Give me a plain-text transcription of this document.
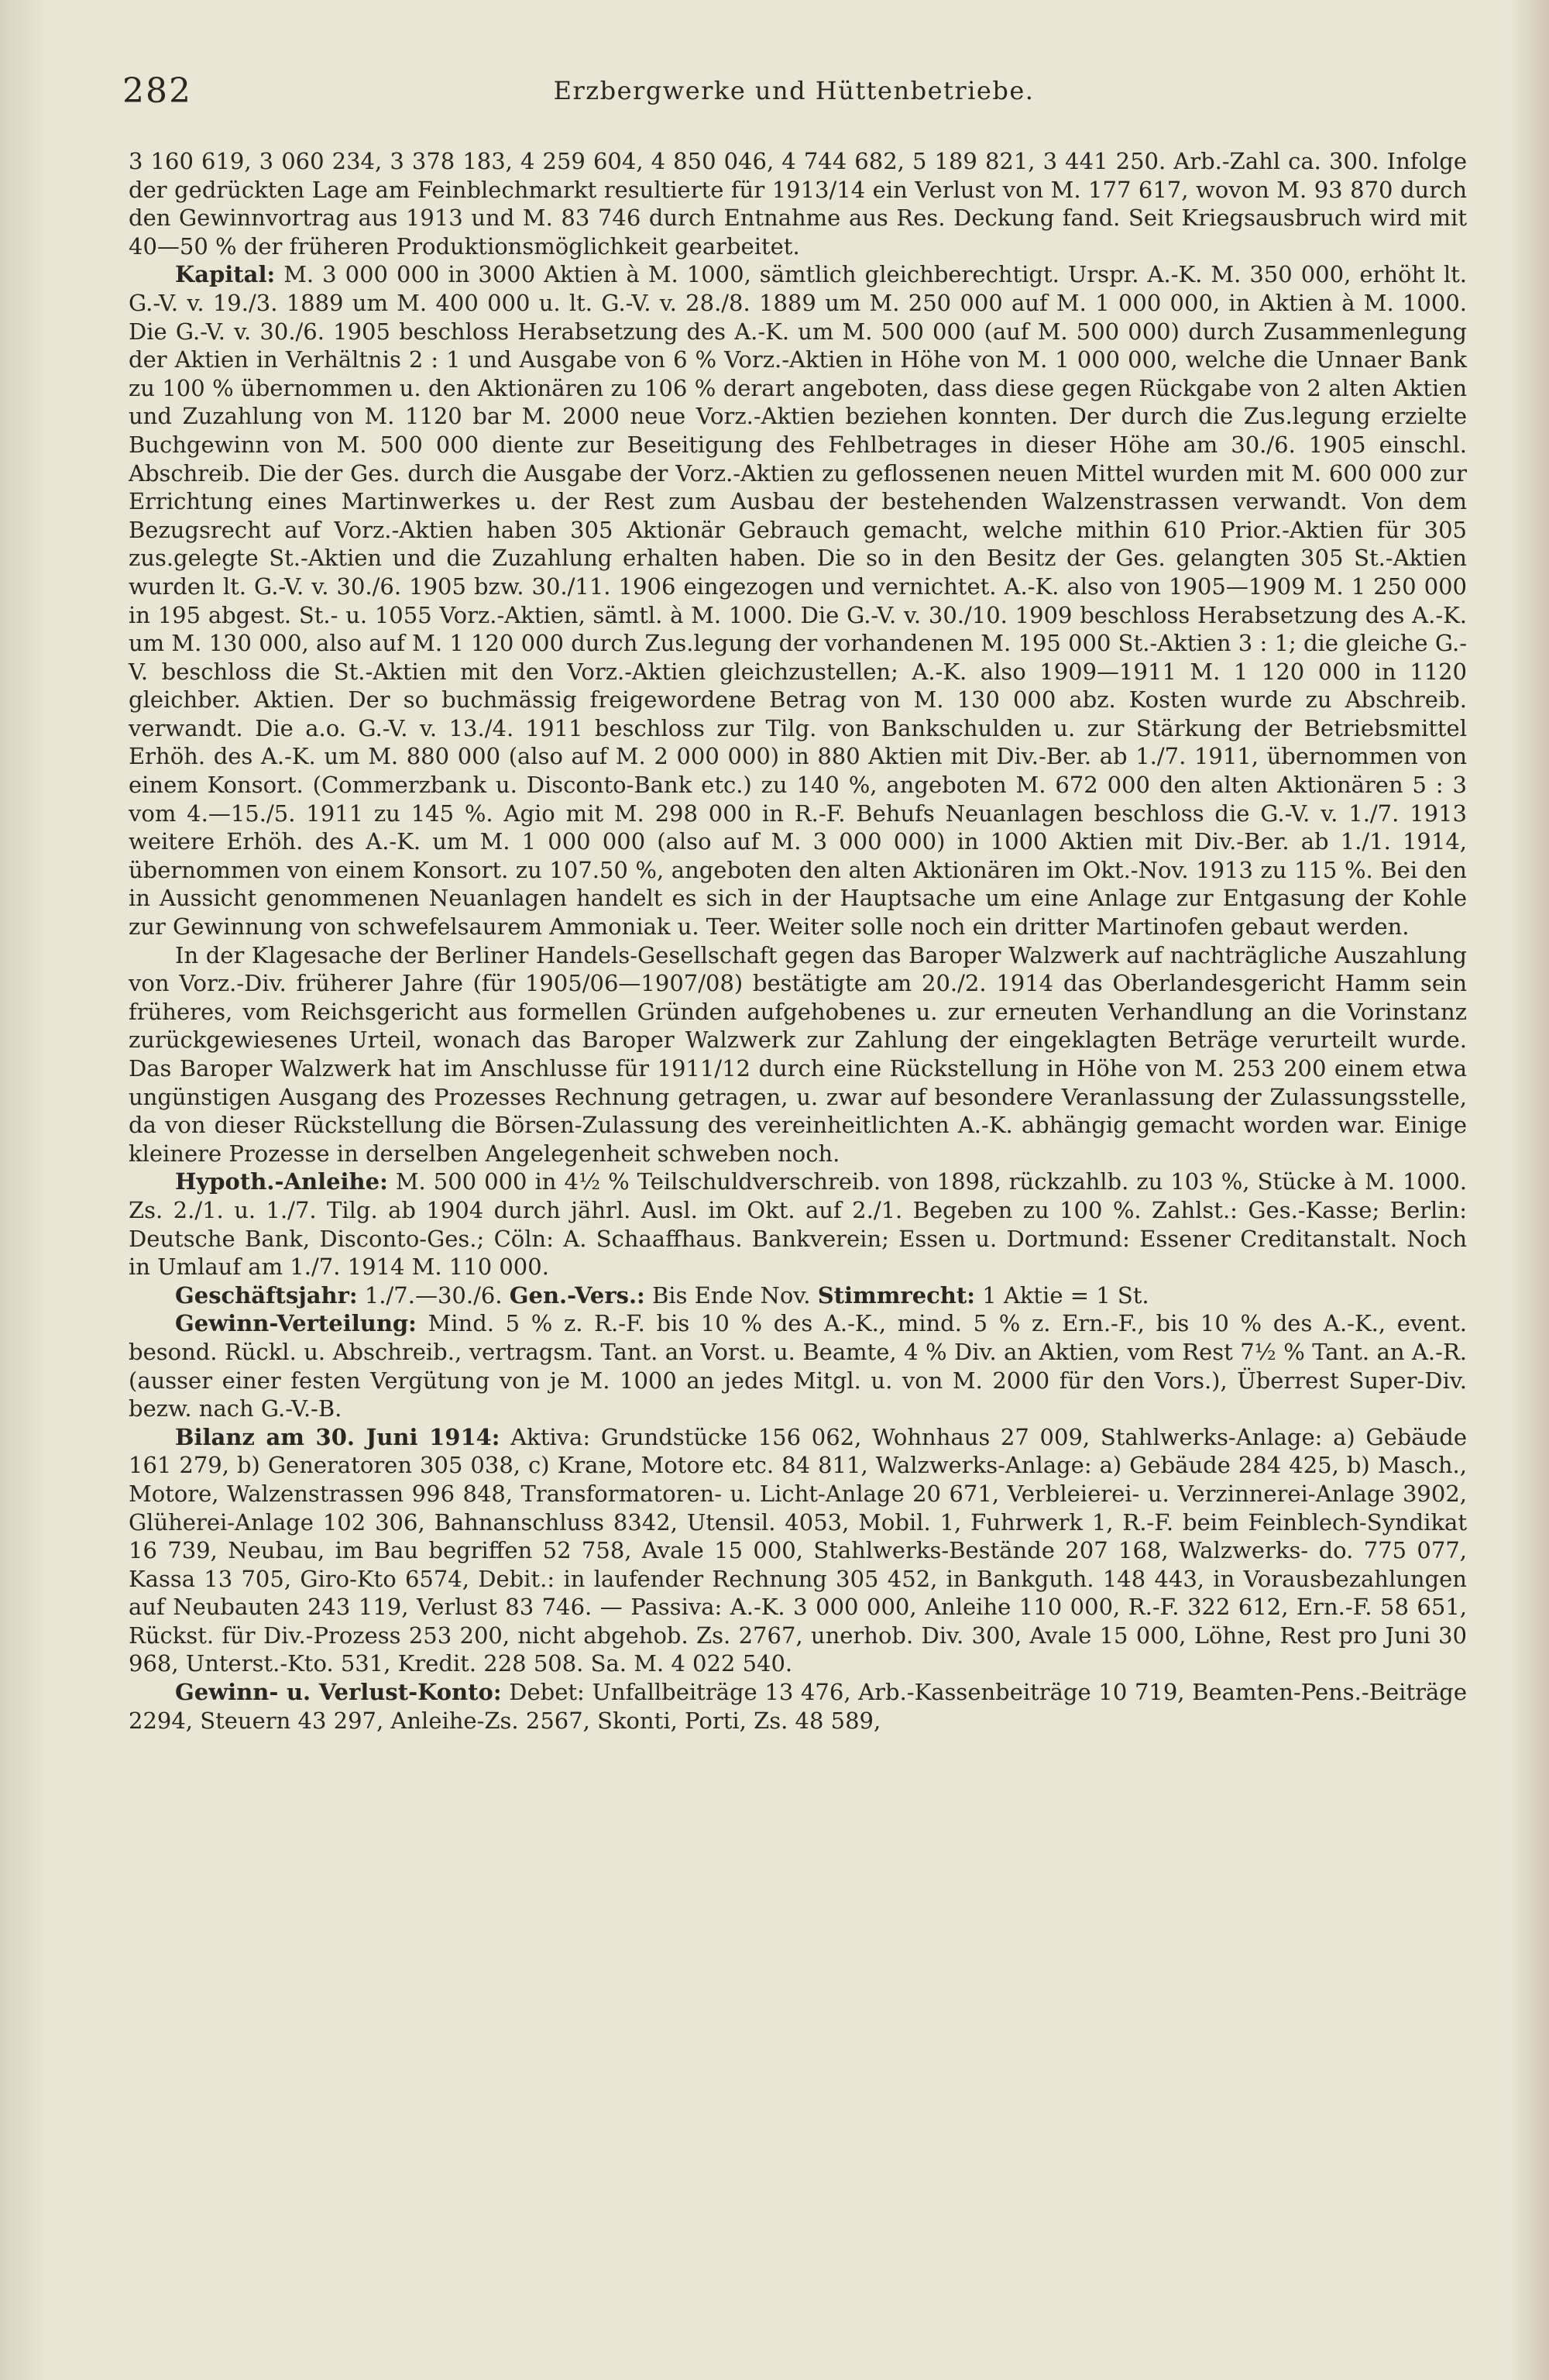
282	Erzbergwerke und Hüttenbetriebe.

3 160 619, 3 060 234, 3 378 183, 4 259 604, 4 850 046, 4 744 682, 5 189 821, 3 441 250. Arb.-Zahl ca. 300. Infolge der gedrückten Lage am Feinblechmarkt resultierte für 1913/14 ein Verlust von M. 177 617, wovon M. 93 870 durch den Gewinnvortrag aus 1913 und M. 83 746 durch Entnahme aus Res. Deckung fand. Seit Kriegsausbruch wird mit 40—50 % der früheren Produktionsmöglichkeit gearbeitet.

Kapital: M. 3 000 000 in 3000 Aktien à M. 1000, sämtlich gleichberechtigt. Urspr. A.-K. M. 350 000, erhöht lt. G.-V. v. 19./3. 1889 um M. 400 000 u. lt. G.-V. v. 28./8. 1889 um M. 250 000 auf M. 1 000 000, in Aktien à M. 1000. Die G.-V. v. 30./6. 1905 beschloss Herabsetzung des A.-K. um M. 500 000 (auf M. 500 000) durch Zusammenlegung der Aktien in Verhältnis 2 : 1 und Ausgabe von 6 % Vorz.-Aktien in Höhe von M. 1 000 000, welche die Unnaer Bank zu 100 % übernommen u. den Aktionären zu 106 % derart angeboten, dass diese gegen Rückgabe von 2 alten Aktien und Zuzahlung von M. 1120 bar M. 2000 neue Vorz.-Aktien beziehen konnten. Der durch die Zus.legung erzielte Buchgewinn von M. 500 000 diente zur Beseitigung des Fehlbetrages in dieser Höhe am 30./6. 1905 einschl. Abschreib. Die der Ges. durch die Ausgabe der Vorz.-Aktien zu geflossenen neuen Mittel wurden mit M. 600 000 zur Errichtung eines Martinwerkes u. der Rest zum Ausbau der bestehenden Walzenstrassen verwandt. Von dem Bezugsrecht auf Vorz.-Aktien haben 305 Aktionär Gebrauch gemacht, welche mithin 610 Prior.-Aktien für 305 zus.gelegte St.-Aktien und die Zuzahlung erhalten haben. Die so in den Besitz der Ges. gelangten 305 St.-Aktien wurden lt. G.-V. v. 30./6. 1905 bzw. 30./11. 1906 eingezogen und vernichtet. A.-K. also von 1905—1909 M. 1 250 000 in 195 abgest. St.- u. 1055 Vorz.-Aktien, sämtl. à M. 1000. Die G.-V. v. 30./10. 1909 beschloss Herabsetzung des A.-K. um M. 130 000, also auf M. 1 120 000 durch Zus.legung der vorhandenen M. 195 000 St.-Aktien 3 : 1; die gleiche G.-V. beschloss die St.-Aktien mit den Vorz.-Aktien gleichzustellen; A.-K. also 1909—1911 M. 1 120 000 in 1120 gleichber. Aktien. Der so buchmässig freigewordene Betrag von M. 130 000 abz. Kosten wurde zu Abschreib. verwandt. Die a.o. G.-V. v. 13./4. 1911 beschloss zur Tilg. von Bankschulden u. zur Stärkung der Betriebsmittel Erhöh. des A.-K. um M. 880 000 (also auf M. 2 000 000) in 880 Aktien mit Div.-Ber. ab 1./7. 1911, übernommen von einem Konsort. (Commerzbank u. Disconto-Bank etc.) zu 140 %, angeboten M. 672 000 den alten Aktionären 5 : 3 vom 4.—15./5. 1911 zu 145 %. Agio mit M. 298 000 in R.-F. Behufs Neuanlagen beschloss die G.-V. v. 1./7. 1913 weitere Erhöh. des A.-K. um M. 1 000 000 (also auf M. 3 000 000) in 1000 Aktien mit Div.-Ber. ab 1./1. 1914, übernommen von einem Konsort. zu 107.50 %, angeboten den alten Aktionären im Okt.-Nov. 1913 zu 115 %. Bei den in Aussicht genommenen Neuanlagen handelt es sich in der Hauptsache um eine Anlage zur Entgasung der Kohle zur Gewinnung von schwefelsaurem Ammoniak u. Teer. Weiter solle noch ein dritter Martinofen gebaut werden.

In der Klagesache der Berliner Handels-Gesellschaft gegen das Baroper Walzwerk auf nachträgliche Auszahlung von Vorz.-Div. früherer Jahre (für 1905/06—1907/08) bestätigte am 20./2. 1914 das Oberlandesgericht Hamm sein früheres, vom Reichsgericht aus formellen Gründen aufgehobenes u. zur erneuten Verhandlung an die Vorinstanz zurückgewiesenes Urteil, wonach das Baroper Walzwerk zur Zahlung der eingeklagten Beträge verurteilt wurde. Das Baroper Walzwerk hat im Anschlusse für 1911/12 durch eine Rückstellung in Höhe von M. 253 200 einem etwa ungünstigen Ausgang des Prozesses Rechnung getragen, u. zwar auf besondere Veranlassung der Zulassungsstelle, da von dieser Rückstellung die Börsen-Zulassung des vereinheitlichten A.-K. abhängig gemacht worden war. Einige kleinere Prozesse in derselben Angelegenheit schweben noch.

Hypoth.-Anleihe: M. 500 000 in 4½ % Teilschuldverschreib. von 1898, rückzahlb. zu 103 %, Stücke à M. 1000. Zs. 2./1. u. 1./7. Tilg. ab 1904 durch jährl. Ausl. im Okt. auf 2./1. Begeben zu 100 %. Zahlst.: Ges.-Kasse; Berlin: Deutsche Bank, Disconto-Ges.; Cöln: A. Schaaffhaus. Bankverein; Essen u. Dortmund: Essener Creditanstalt. Noch in Umlauf am 1./7. 1914 M. 110 000.

Geschäftsjahr: 1./7.—30./6. Gen.-Vers.: Bis Ende Nov. Stimmrecht: 1 Aktie = 1 St.

Gewinn-Verteilung: Mind. 5 % z. R.-F. bis 10 % des A.-K., mind. 5 % z. Ern.-F., bis 10 % des A.-K., event. besond. Rückl. u. Abschreib., vertragsm. Tant. an Vorst. u. Beamte, 4 % Div. an Aktien, vom Rest 7½ % Tant. an A.-R. (ausser einer festen Vergütung von je M. 1000 an jedes Mitgl. u. von M. 2000 für den Vors.), Überrest Super-Div. bezw. nach G.-V.-B.

Bilanz am 30. Juni 1914: Aktiva: Grundstücke 156 062, Wohnhaus 27 009, Stahlwerks-Anlage: a) Gebäude 161 279, b) Generatoren 305 038, c) Krane, Motore etc. 84 811, Walzwerks-Anlage: a) Gebäude 284 425, b) Masch., Motore, Walzenstrassen 996 848, Transformatoren- u. Licht-Anlage 20 671, Verbleierei- u. Verzinnerei-Anlage 3902, Glüherei-Anlage 102 306, Bahnanschluss 8342, Utensil. 4053, Mobil. 1, Fuhrwerk 1, R.-F. beim Feinblech-Syndikat 16 739, Neubau, im Bau begriffen 52 758, Avale 15 000, Stahlwerks-Bestände 207 168, Walzwerks- do. 775 077, Kassa 13 705, Giro-Kto 6574, Debit.: in laufender Rechnung 305 452, in Bankguth. 148 443, in Vorausbezahlungen auf Neubauten 243 119, Verlust 83 746. — Passiva: A.-K. 3 000 000, Anleihe 110 000, R.-F. 322 612, Ern.-F. 58 651, Rückst. für Div.-Prozess 253 200, nicht abgehob. Zs. 2767, unerhob. Div. 300, Avale 15 000, Löhne, Rest pro Juni 30 968, Unterst.-Kto. 531, Kredit. 228 508. Sa. M. 4 022 540.

Gewinn- u. Verlust-Konto: Debet: Unfallbeiträge 13 476, Arb.-Kassenbeiträge 10 719, Beamten-Pens.-Beiträge 2294, Steuern 43 297, Anleihe-Zs. 2567, Skonti, Porti, Zs. 48 589,
